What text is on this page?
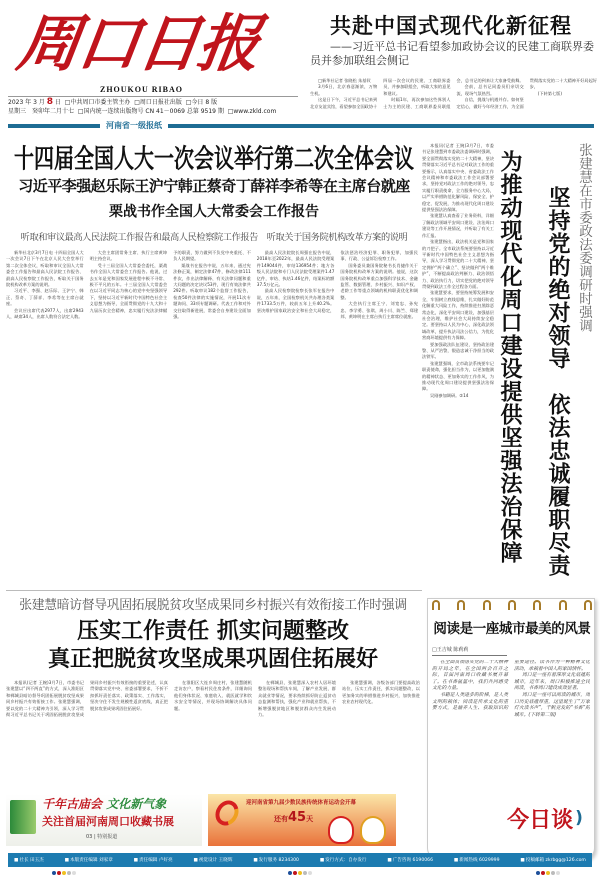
周口日报
ZHOUKOU RIBAO
2023 年 3 月 8 日 □中共周口市委主管主办 □周口日报社出版 □今日 8 版
星期三　癸卯年二月十七 □国内统一连续出版物号 CN 41－0069 总第 9519 期 □www.zkld.com
共赴中国式现代化新征程
——习近平总书记看望参加政协会议的民建工商联界委员并参加联组会侧记

□新华社记者 张晓松 朱基钗

3月6日，北京春意渐浓，万物生机。

这是日下午，习近平总书记来到北京友谊宾馆，看望参加全国政协十四届一次会议的民建、工商联界委员，并参加联组会，听取大家的意见和建议。

时隔1年，再次参加这些界别人士为主的民建、工商联界委员联组会，总书记的到来让大家备受鼓舞。

会前，总书记同委员们亲切交流，现场气氛热烈。

自信，挑战与机遇并存。如何坚定信心，做好今年经济工作，为全面贯彻落实党的二十大精神开好局起好步，

(下转第七版)

河南省一级报纸
十四届全国人大一次会议举行第二次全体会议
习近平李强赵乐际王沪宁韩正蔡奇丁薛祥李希等在主席台就座
栗战书作全国人大常委会工作报告
听取和审议最高人民法院工作报告和最高人民检察院工作报告　听取关于国务院机构改革方案的说明

新华社北京3月7日电 十四届全国人大一次会议7日下午在北京人民大会堂举行第二次全体会议，听取和审议全国人大常委会工作报告和最高人民法院工作报告、最高人民检察院工作报告，听取关于国务院机构改革方案的说明。

习近平、李强、赵乐际、王沪宁、韩正、蔡奇、丁薛祥、李希等在主席台就座。

会议应出席代表2977人，出席2943人，缺席34人，出席人数符合法定人数。

大会主席团常务主席、执行主席黄坤明主持会议。

受十三届全国人大常委会委托，栗战书作全国人大常委会工作报告。他说，过去五年是党和国家发展进程中极不寻常、极不平凡的五年。十三届全国人大常委会在以习近平同志为核心的党中央坚强领导下，坚持以习近平新时代中国特色社会主义思想为指导，全面贯彻党的十九大和十九届历次全会精神，忠实履行宪法法律赋予的职责，努力做到不负党中央重托、不负人民期望。

栗战书在报告中说，五年来，通过宪法修正案，制定法律47件，修改法律111件次，作出法律解释、有关法律问题和重大问题的决定决议53件，现行有效法律共292件。听取审议182个监督工作报告，检查50件法律的实施情况，开展11次专题询问、33项专题调研。代表工作和对外交往取得新进展，常委会自身建设全面加强。

最高人民法院院长周强在报告中说，2018年至2022年，最高人民法院受理案件149044件，审结136954件；地方各级人民法院和专门人民法院受理案件1.47亿件，审结、执结1.46亿件，结案标的额37.5万亿元。

最高人民检察院检察长张军在报告中说，五年来，全国检察机关共办理各类案件1733.5万件，较前五年上升40.2%。坚决维护国家政治安全和社会大局稳定，依法惩治经济犯罪、职务犯罪，加强民事、行政、公益诉讼检察工作。

国务委员兼国务院秘书长肖捷作关于国务院机构改革方案的说明。他说，这次国务院机构改革重点加强科学技术、金融监管、数据管理、乡村振兴、知识产权、老龄工作等重点领域的机构职责优化和调整。

大会执行主席王宁、刘宽忠、孙宪忠、李学勇、张琪、周小川、陈竺、郑建邦、黄坤明在主席台执行主席席位就座。

本报讯(记者 王婉)3月7日，市委书记张建慧到市委政法委调研时强调，要全面贯彻落实党的二十大精神，坚决贯彻落实习近平总书记对政法工作的重要指示，认真落实中央、省委政法工作会议精神和市委政法工作会议部署要求，坚持党对政法工作的绝对领导，忠实履行职责使命，全力服务中心大局，以严实举措防范化解风险、保安全、护稳定、促发展，为推动现代化周口建设提供坚强法治保障。

张建慧认真查看了业务资料，详细了解政法领域平安周口建设、法治周口建设等工作开展情况，并听取了有关工作汇报。

张建慧指出，政法机关是党和国家的刀把子。全市政法系统要坚持以习近平新时代中国特色社会主义思想为指导，深入学习贯彻党的二十大精神，坚定拥护“两个确立”、坚决做到“两个维护”，不断提高政治判断力、政治领悟力、政治执行力，切实把党的绝对领导贯彻到政法工作全过程各方面。

张建慧要求，要坚持统筹发展和安全，牢固树立底线思维，扎实做好防范化解重大风险工作，持续推进扫黑除恶常态化，深化平安周口建设，加强基层社会治理，维护社会大局持续安全稳定。要坚持以人民为中心，深化政法领域改革，提升执法司法公信力，为优化营商环境提供有力保障。

要加强政法队伍建设，坚持政治建警、从严治警，锻造忠诚干净担当的政法铁军。

张建慧强调，全市政法系统要牢记职责使命，强化担当作为，以更加饱满的精神状态、更加务实的工作作风，为推动现代化周口建设提供坚强法治保障。

吴刚参加调研。②14	为推动现代化周口建设提供坚强法治保障 坚持党的绝对领导　依法忠诚履职尽责 张建慧在市委政法委调研时强调
张建慧暗访督导巩固拓展脱贫攻坚成果同乡村振兴有效衔接工作时强调
压实工作责任 抓实问题整改
真正把脱贫攻坚成果巩固住拓展好

本报讯(记者 王婉)3月7日，市委书记张建慧以“四不两直”的方式，深入淮阳区和郸城县暗访督导巩固拓展脱贫攻坚成果同乡村振兴有效衔接工作。张建慧强调，要以党的二十大精神为引领，深入学习贯彻习近平总书记关于巩固拓展脱贫攻坚成果同乡村振兴有效衔接的重要论述，认真贯彻落实党中央、省委部署要求，不折不扣抓好责任落实、政策落实、工作落实，坚决守住不发生规模性返贫底线，真正把脱贫攻坚成果巩固住拓展好。

在淮阳区大连乡周庄村，张建慧随机走访农户，察看村民住房条件，详细询问他们身体状况、家庭收入、就医就学和饮水安全等情况，并现场协调解决具体问题。

在郸城县，张建慧深入农村人居环境整治现场和帮扶车间，了解产业发展、群众就业等情况，要求持续抓好防止返贫动态监测和帮扶，强化产业和就业帮扶，不断增强脱贫地区和脱贫群众内生发展动力。

张建慧强调，各级各部门要提高政治站位，压实工作责任，抓实问题整改，以更加务实的举措推进乡村振兴，加快推进农业农村现代化。

阅读是一座城市最美的风景
□王吉城 陈莉莉

在全面贯彻落实党的二十大精神的开局之年，在全国两会召开之际，首届河南周口收藏书展开幕了。在书香氤氲中，我们共同感受文化的力量。

书籍是人类进步的阶梯，是人类文明的载体；阅读是传承文化的重要方式，是涵养人生、获取知识的重要途径。读书作为一种精神文化活动，承载着中国人的家国情怀。

周口是一座有着深厚文化底蕴的城市，近年来，周口积极推进全民阅读，书香周口建设成效显著。

周口是一座可以阅读的城市，周口历史底蕴厚重，这里诞生了“万家灯火读书声”，千帆竞发的“书香”的城市。(下转第二版)

今日谈 )
千年古庙会 文化新气象
关注首届河南周口收藏书展
03 | 特别报道
迎河南省第九届少数民族传统体育运动会开幕
还有45天
■ 社长 田玉杰	■ 本版责任编辑 刘家章	■ 责任编辑 卢好亮	■ 视觉设计 王晓辉	■ 发行服务 8234300	■ 发行方式：自办发行	■ 广告咨询 6190066	■ 新闻热线 6029999	■ 投稿邮箱 zkrbgg@126.com
